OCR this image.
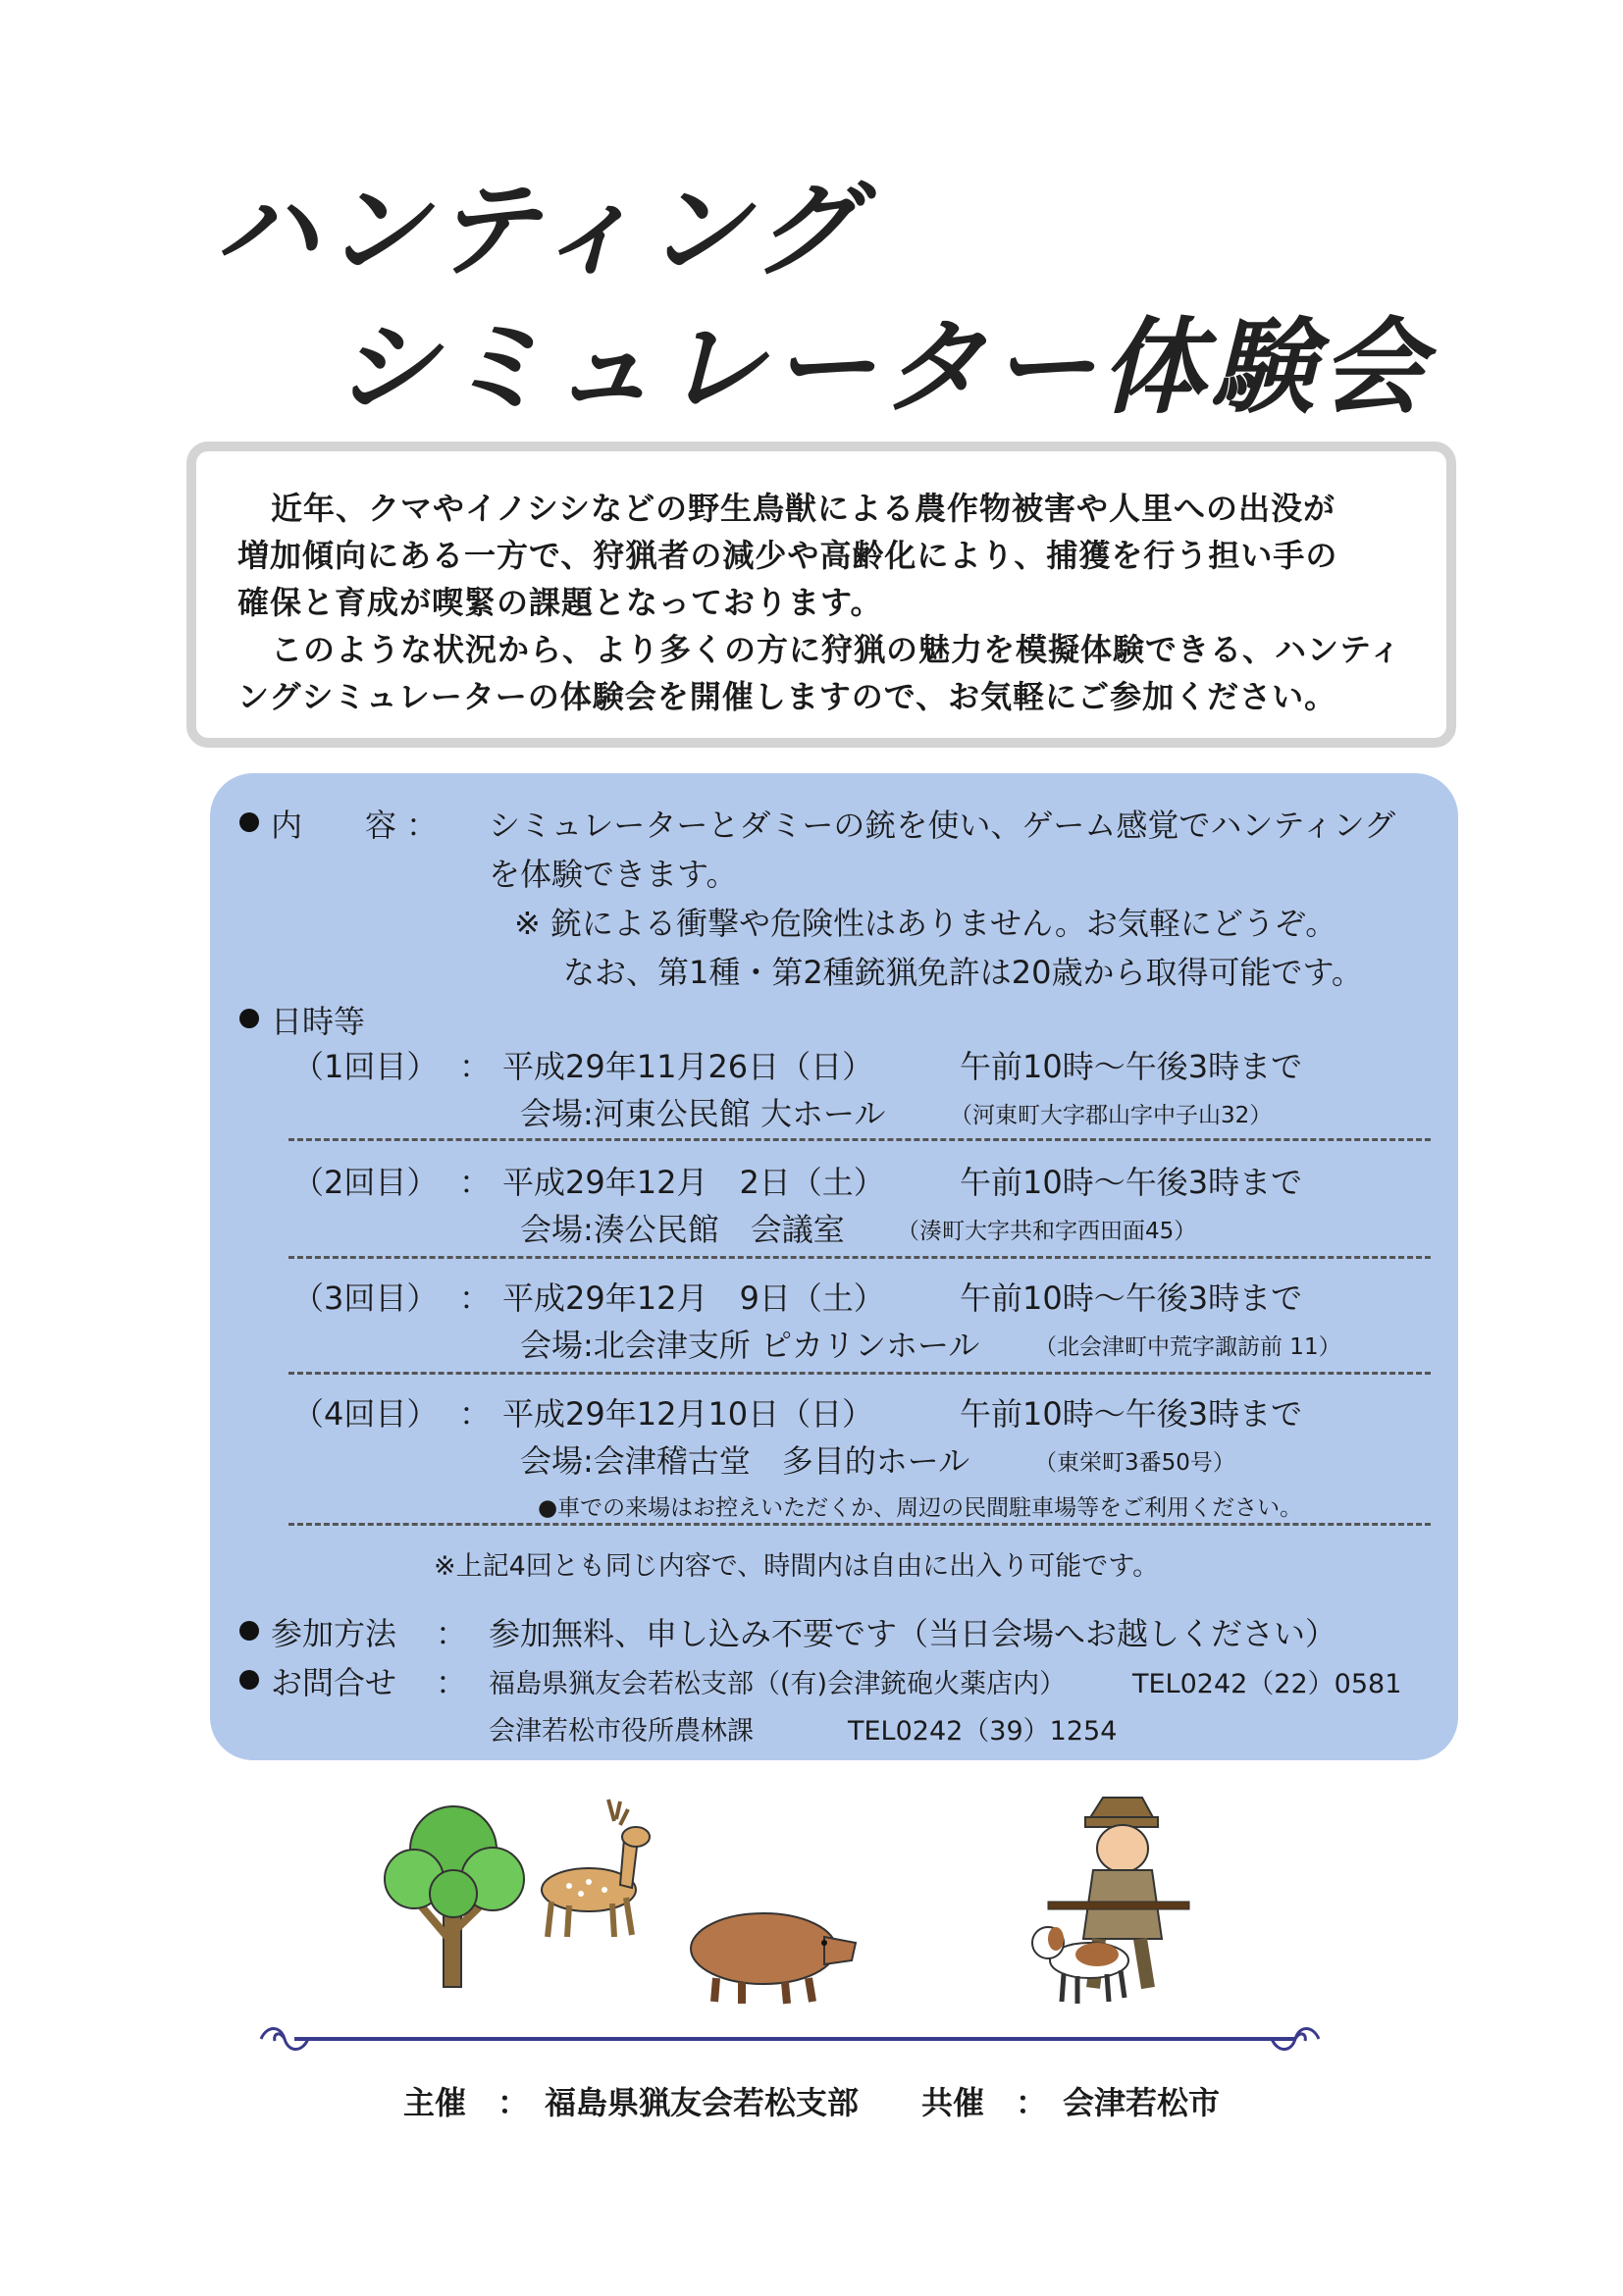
ハンティング
シミュレーター体験会

近年、クマやイノシシなどの野生鳥獣による農作物被害や人里への出没が

増加傾向にある一方で、狩猟者の減少や高齢化により、捕獲を行う担い手の

確保と育成が喫緊の課題となっております。

このような状況から、より多くの方に狩猟の魅力を模擬体験できる、ハンティ

ングシミュレーターの体験会を開催しますので、お気軽にご参加ください。

内　　容 ： シミュレーターとダミーの銃を使い、ゲーム感覚でハンティング

を体験できます。

※ 銃による衝撃や危険性はありません。お気軽にどうぞ。

なお、第1種・第2種銃猟免許は20歳から取得可能です。

日時等

（1回目） ： 平成29年11月26日（日）	午前10時～午後3時まで

会場:河東公民館 大ホール	（河東町大字郡山字中子山32）

（2回目） ： 平成29年12月　2日（土） 午前10時～午後3時まで

会場:湊公民館　会議室 （湊町大字共和字西田面45）

（3回目） ： 平成29年12月　9日（土） 午前10時～午後3時まで

会場:北会津支所 ピカリンホール （北会津町中荒字諏訪前 11）

（4回目） ： 平成29年12月10日（日）	午前10時～午後3時まで

会場:会津稽古堂　多目的ホール	（東栄町3番50号）

●車での来場はお控えいただくか、周辺の民間駐車場等をご利用ください。

※上記4回とも同じ内容で、時間内は自由に出入り可能です。

参加方法 ： 参加無料、申し込み不要です（当日会場へお越しください）

お問合せ ： 福島県猟友会若松支部（(有)会津銃砲火薬店内）	TEL0242（22）0581

会津若松市役所農林課	TEL0242（39）1254

主催　：　福島県猟友会若松支部　　共催　：　会津若松市
